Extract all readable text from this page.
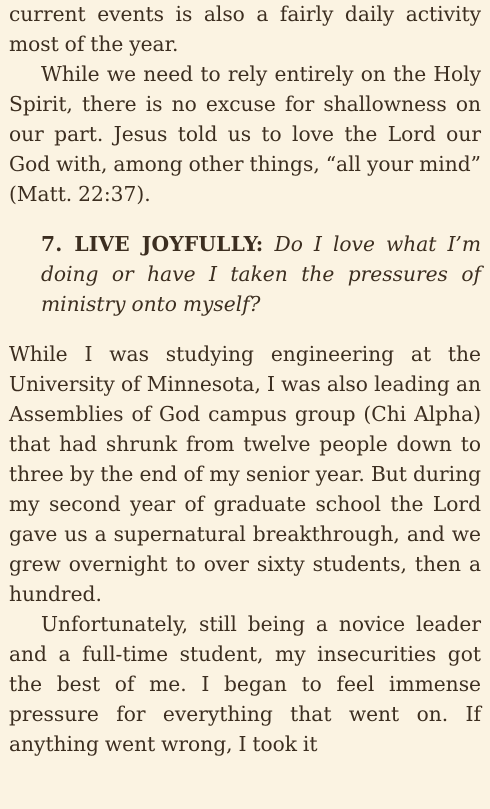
current events is also a fairly daily activity most of the year.

While we need to rely entirely on the Holy Spirit, there is no excuse for shallowness on our part. Jesus told us to love the Lord our God with, among other things, “all your mind” (Matt. 22:37).

7. LIVE JOYFULLY: Do I love what I’m doing or have I taken the pressures of ministry onto myself?

While I was studying engineering at the University of Minnesota, I was also leading an Assemblies of God campus group (Chi Alpha) that had shrunk from twelve people down to three by the end of my senior year. But during my second year of graduate school the Lord gave us a supernatural breakthrough, and we grew overnight to over sixty students, then a hundred.

Unfortunately, still being a novice leader and a full-time student, my insecurities got the best of me. I began to feel immense pressure for everything that went on. If anything went wrong, I took it
